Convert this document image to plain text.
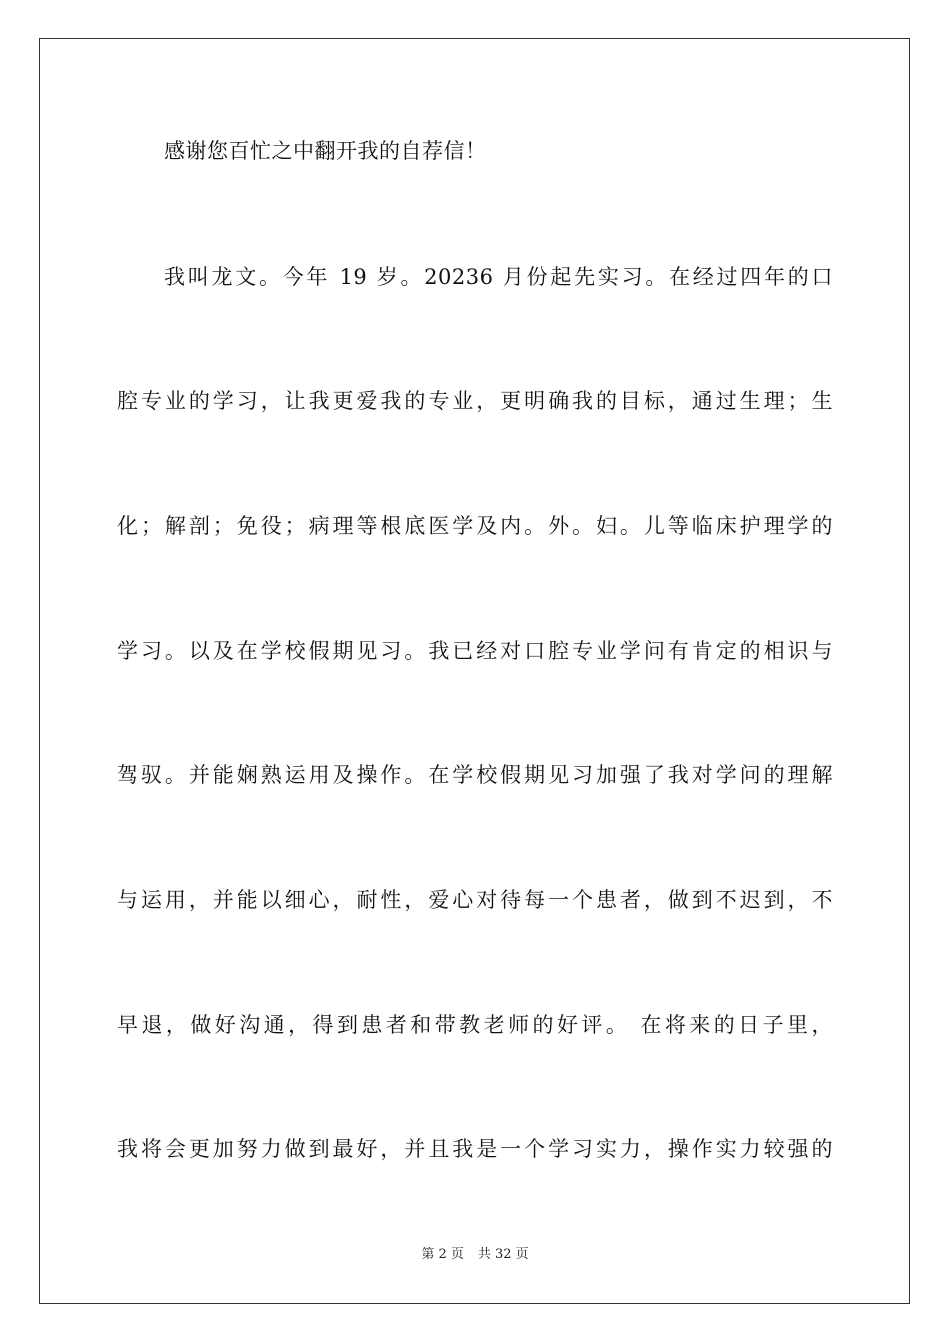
感谢您百忙之中翻开我的自荐信！
我叫龙文。今年 19 岁。20236 月份起先实习。在经过四年的口
腔专业的学习，让我更爱我的专业，更明确我的目标，通过生理；生
化；解剖；免役；病理等根底医学及内。外。妇。儿等临床护理学的
学习。以及在学校假期见习。我已经对口腔专业学问有肯定的相识与
驾驭。并能娴熟运用及操作。在学校假期见习加强了我对学问的理解
与运用，并能以细心，耐性，爱心对待每一个患者，做到不迟到，不
早退，做好沟通，得到患者和带教老师的好评。 在将来的日子里，
我将会更加努力做到最好，并且我是一个学习实力，操作实力较强的
第 2 页 共 32 页
